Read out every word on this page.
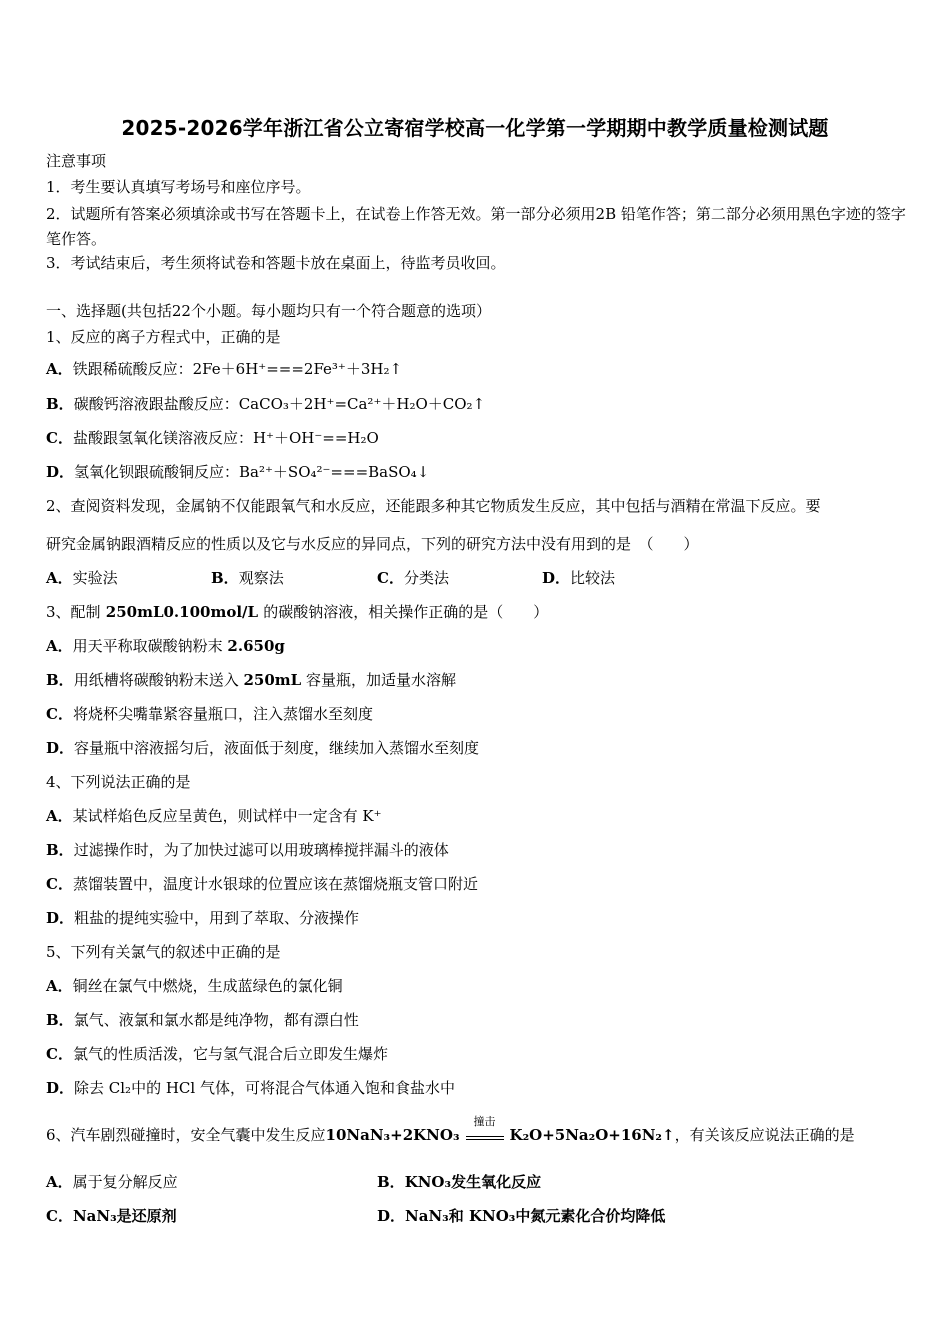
2025-2026学年浙江省公立寄宿学校高一化学第一学期期中教学质量检测试题
注意事项
1．考生要认真填写考场号和座位序号。
2．试题所有答案必须填涂或书写在答题卡上，在试卷上作答无效。第一部分必须用2B 铅笔作答；第二部分必须用黑色字迹的签字笔作答。
3．考试结束后，考生须将试卷和答题卡放在桌面上，待监考员收回。
一、选择题(共包括22个小题。每小题均只有一个符合题意的选项）
1、反应的离子方程式中，正确的是
A．铁跟稀硫酸反应：2Fe＋6H⁺===2Fe³⁺＋3H₂↑
B．碳酸钙溶液跟盐酸反应：CaCO₃＋2H⁺=Ca²⁺＋H₂O＋CO₂↑
C．盐酸跟氢氧化镁溶液反应：H⁺＋OH⁻==H₂O
D．氢氧化钡跟硫酸铜反应：Ba²⁺＋SO₄²⁻===BaSO₄↓
2、查阅资料发现，金属钠不仅能跟氧气和水反应，还能跟多种其它物质发生反应，其中包括与酒精在常温下反应。要
研究金属钠跟酒精反应的性质以及它与水反应的异同点，下列的研究方法中没有用到的是　（　　）
A．实验法	B．观察法	C．分类法	D．比较法
3、配制 250mL0.100mol/L 的碳酸钠溶液，相关操作正确的是（　　）
A．用天平称取碳酸钠粉末 2.650g
B．用纸槽将碳酸钠粉末送入 250mL 容量瓶，加适量水溶解
C．将烧杯尖嘴靠紧容量瓶口，注入蒸馏水至刻度
D．容量瓶中溶液摇匀后，液面低于刻度，继续加入蒸馏水至刻度
4、下列说法正确的是
A．某试样焰色反应呈黄色，则试样中一定含有 K⁺
B．过滤操作时，为了加快过滤可以用玻璃棒搅拌漏斗的液体
C．蒸馏装置中，温度计水银球的位置应该在蒸馏烧瓶支管口附近
D．粗盐的提纯实验中，用到了萃取、分液操作
5、下列有关氯气的叙述中正确的是
A．铜丝在氯气中燃烧，生成蓝绿色的氯化铜
B．氯气、液氯和氯水都是纯净物，都有漂白性
C．氯气的性质活泼，它与氢气混合后立即发生爆炸
D．除去 Cl₂中的 HCl 气体，可将混合气体通入饱和食盐水中
6、汽车剧烈碰撞时，安全气囊中发生反应10NaN₃+2KNO₃
撞击
K₂O+5Na₂O+16N₂↑，有关该反应说法正确的是
A．属于复分解反应	B．KNO₃发生氧化反应
C．NaN₃是还原剂	D．NaN₃和 KNO₃中氮元素化合价均降低
